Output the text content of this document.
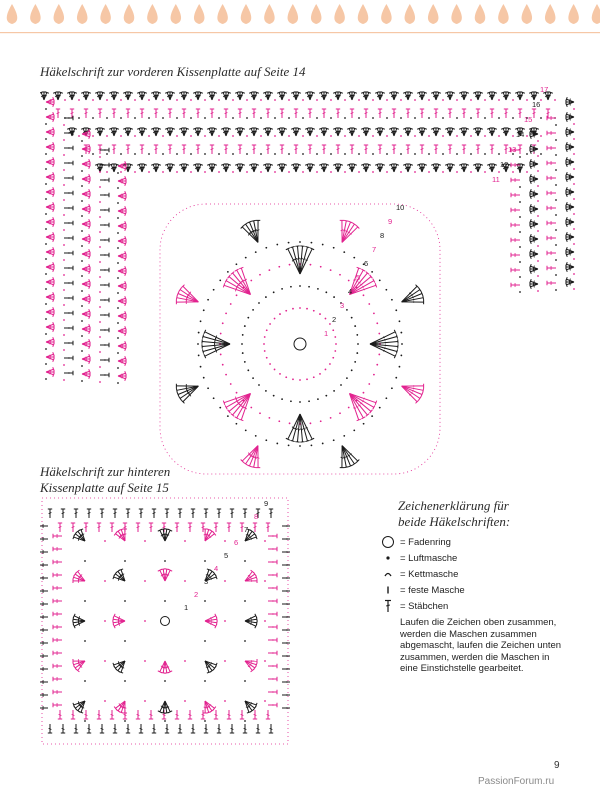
Häkelschrift zur vorderen Kissenplatte auf Seite 14

17
16
15
14
13
12
11
10
9
8
7
6
5
4
3
2
1
Häkelschrift zur hinteren
Kissenplatte auf Seite 15
9
8
7
6
5
4
3
2
1
Zeichenerklärung für
beide Häkelschriften:
= Fadenring
= Luftmasche
= Kettmasche
= feste Masche
= Stäbchen

Laufen die Zeichen oben zusammen, werden die Maschen zusammen abgemascht, laufen die Zeichen unten zusammen, werden die Maschen in eine Einstichstelle gearbeitet.

9
PassionForum.ru
